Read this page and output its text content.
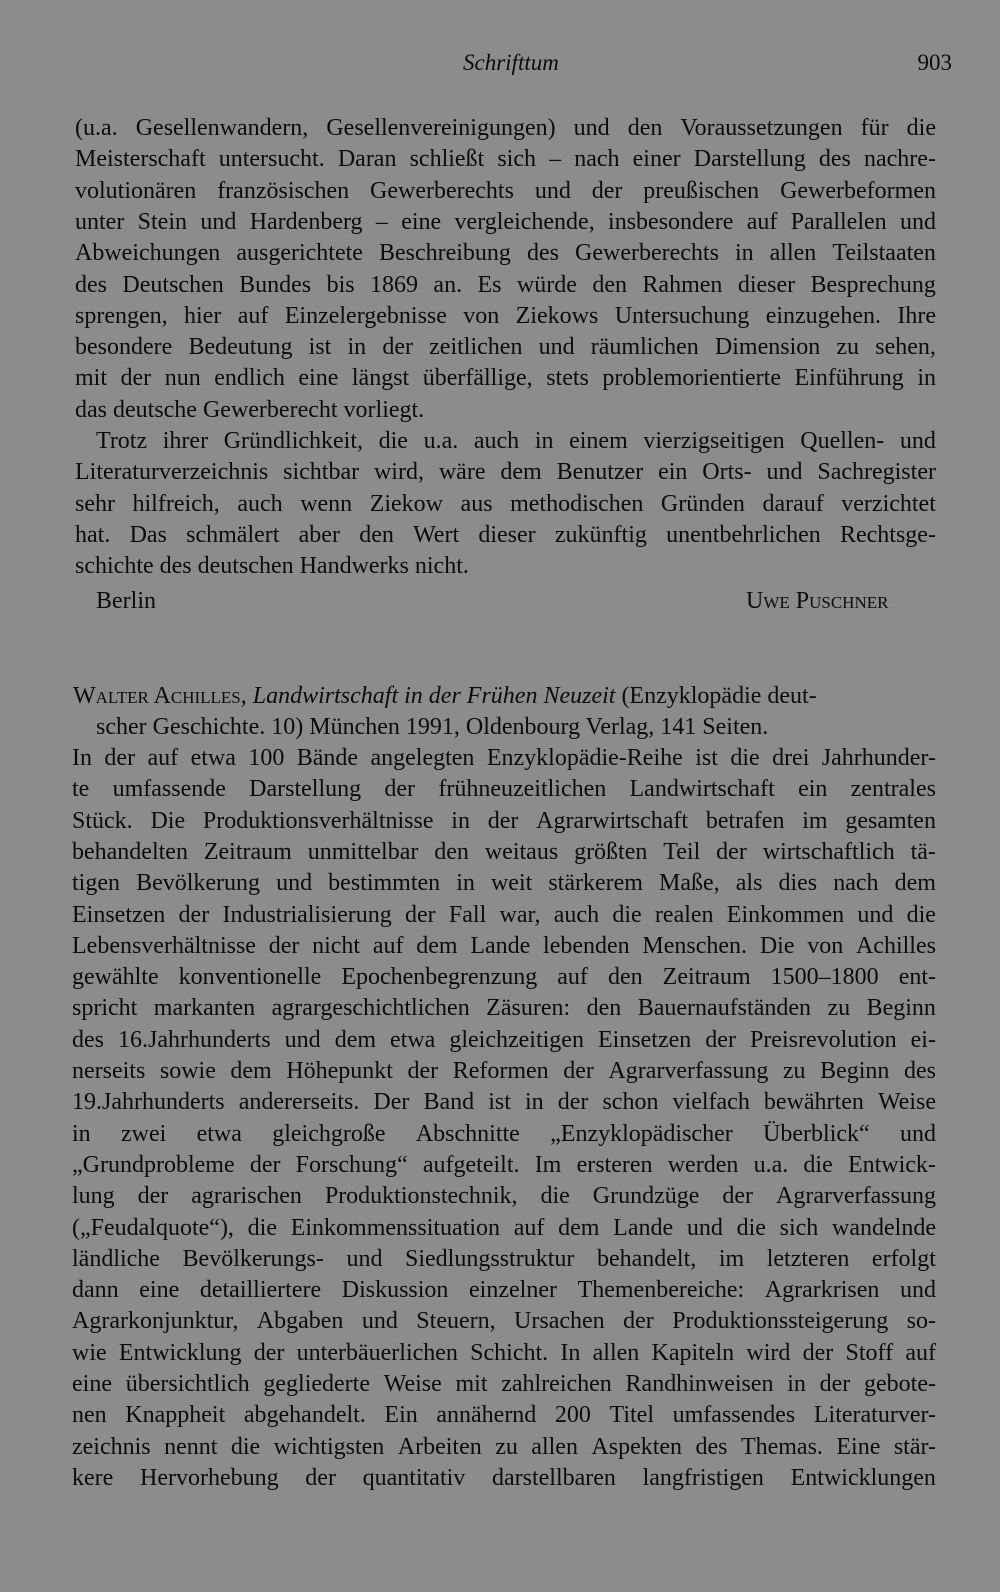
Schrifttum	903
(u.a. Gesellenwandern, Gesellenvereinigungen) und den Voraussetzungen für die
Meisterschaft untersucht. Daran schließt sich – nach einer Darstellung des nachre-
volutionären französischen Gewerberechts und der preußischen Gewerbeformen
unter Stein und Hardenberg – eine vergleichende, insbesondere auf Parallelen und
Abweichungen ausgerichtete Beschreibung des Gewerberechts in allen Teilstaaten
des Deutschen Bundes bis 1869 an. Es würde den Rahmen dieser Besprechung
sprengen, hier auf Einzelergebnisse von Ziekows Untersuchung einzugehen. Ihre
besondere Bedeutung ist in der zeitlichen und räumlichen Dimension zu sehen,
mit der nun endlich eine längst überfällige, stets problemorientierte Einführung in
das deutsche Gewerberecht vorliegt.
Trotz ihrer Gründlichkeit, die u.a. auch in einem vierzigseitigen Quellen- und
Literaturverzeichnis sichtbar wird, wäre dem Benutzer ein Orts- und Sachregister
sehr hilfreich, auch wenn Ziekow aus methodischen Gründen darauf verzichtet
hat. Das schmälert aber den Wert dieser zukünftig unentbehrlichen Rechtsge-
schichte des deutschen Handwerks nicht.
Berlin	Uwe Puschner
Walter Achilles, Landwirtschaft in der Frühen Neuzeit (Enzyklopädie deut-
scher Geschichte. 10) München 1991, Oldenbourg Verlag, 141 Seiten.
In der auf etwa 100 Bände angelegten Enzyklopädie-Reihe ist die drei Jahrhunder-
te umfassende Darstellung der frühneuzeitlichen Landwirtschaft ein zentrales
Stück. Die Produktionsverhältnisse in der Agrarwirtschaft betrafen im gesamten
behandelten Zeitraum unmittelbar den weitaus größten Teil der wirtschaftlich tä-
tigen Bevölkerung und bestimmten in weit stärkerem Maße, als dies nach dem
Einsetzen der Industrialisierung der Fall war, auch die realen Einkommen und die
Lebensverhältnisse der nicht auf dem Lande lebenden Menschen. Die von Achilles
gewählte konventionelle Epochenbegrenzung auf den Zeitraum 1500–1800 ent-
spricht markanten agrargeschichtlichen Zäsuren: den Bauernaufständen zu Beginn
des 16.Jahrhunderts und dem etwa gleichzeitigen Einsetzen der Preisrevolution ei-
nerseits sowie dem Höhepunkt der Reformen der Agrarverfassung zu Beginn des
19.Jahrhunderts andererseits. Der Band ist in der schon vielfach bewährten Weise
in zwei etwa gleichgroße Abschnitte „Enzyklopädischer Überblick“ und
„Grundprobleme der Forschung“ aufgeteilt. Im ersteren werden u.a. die Entwick-
lung der agrarischen Produktionstechnik, die Grundzüge der Agrarverfassung
(„Feudalquote“), die Einkommenssituation auf dem Lande und die sich wandelnde
ländliche Bevölkerungs- und Siedlungsstruktur behandelt, im letzteren erfolgt
dann eine detailliertere Diskussion einzelner Themenbereiche: Agrarkrisen und
Agrarkonjunktur, Abgaben und Steuern, Ursachen der Produktionssteigerung so-
wie Entwicklung der unterbäuerlichen Schicht. In allen Kapiteln wird der Stoff auf
eine übersichtlich gegliederte Weise mit zahlreichen Randhinweisen in der gebote-
nen Knappheit abgehandelt. Ein annähernd 200 Titel umfassendes Literaturver-
zeichnis nennt die wichtigsten Arbeiten zu allen Aspekten des Themas. Eine stär-
kere Hervorhebung der quantitativ darstellbaren langfristigen Entwicklungen
